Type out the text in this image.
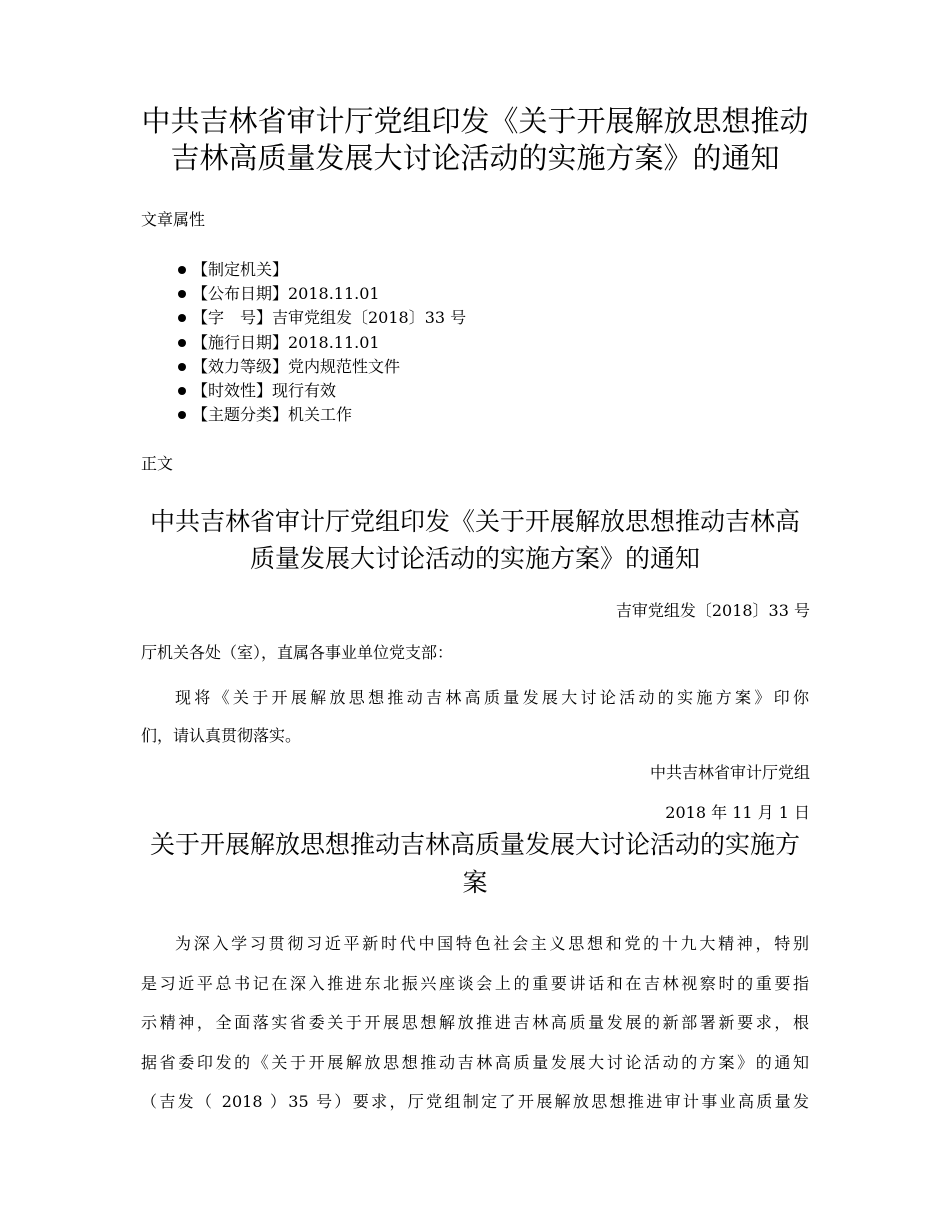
中共吉林省审计厅党组印发《关于开展解放思想推动
吉林高质量发展大讨论活动的实施方案》的通知

文章属性

【制定机关】
【公布日期】2018.11.01
【字　号】吉审党组发〔2018〕33 号
【施行日期】2018.11.01
【效力等级】党内规范性文件
【时效性】现行有效
【主题分类】机关工作

正文

中共吉林省审计厅党组印发《关于开展解放思想推动吉林高
质量发展大讨论活动的实施方案》的通知

吉审党组发〔2018〕33 号

厅机关各处（室），直属各事业单位党支部：

现将《关于开展解放思想推动吉林高质量发展大讨论活动的实施方案》印你
们，请认真贯彻落实。

中共吉林省审计厅党组

2018 年 11 月 1 日

关于开展解放思想推动吉林高质量发展大讨论活动的实施方
案
为深入学习贯彻习近平新时代中国特色社会主义思想和党的十九大精神，特别
是习近平总书记在深入推进东北振兴座谈会上的重要讲话和在吉林视察时的重要指
示精神，全面落实省委关于开展思想解放推进吉林高质量发展的新部署新要求，根
据省委印发的《关于开展解放思想推动吉林高质量发展大讨论活动的方案》的通知
（吉发（ 2018 ）35 号）要求，厅党组制定了开展解放思想推进审计事业高质量发
